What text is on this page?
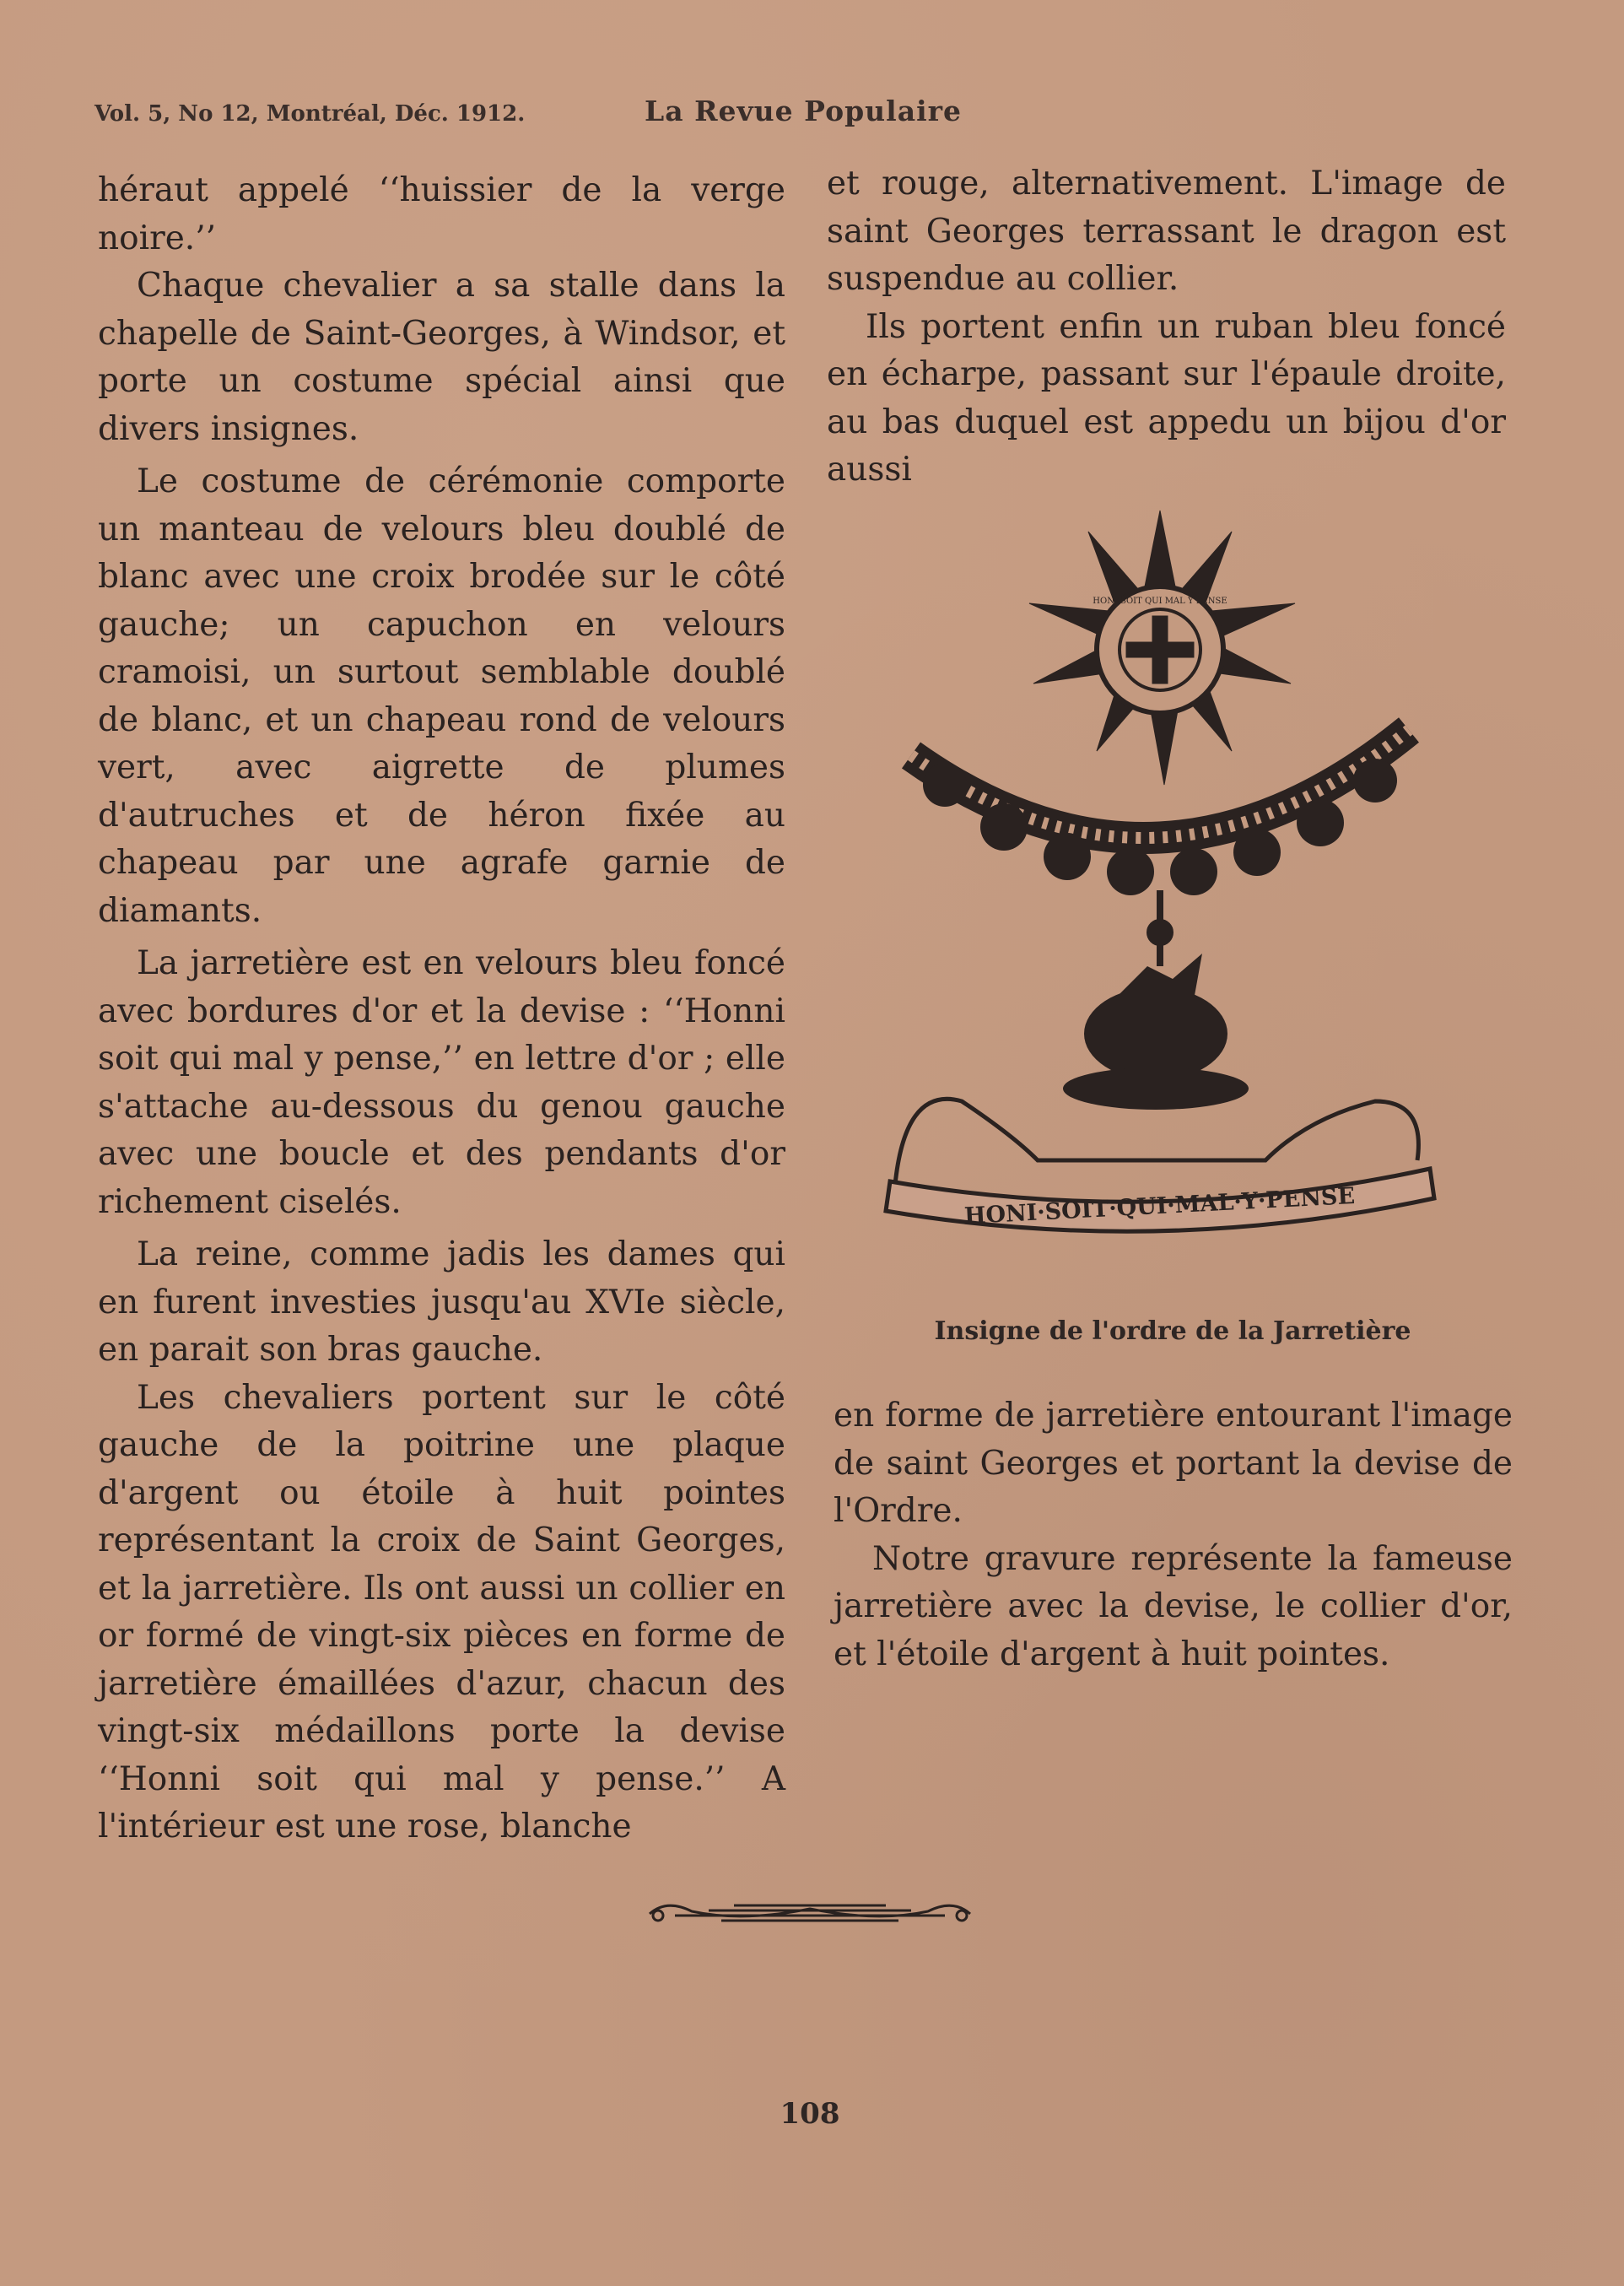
Vol. 5, No 12, Montréal, Déc. 1912.	La Revue Populaire

héraut appelé ‘‘huissier de la verge noire.’’

Chaque chevalier a sa stalle dans la chapelle de Saint-Georges, à Windsor, et porte un costume spécial ainsi que divers insignes.

Le costume de cérémonie comporte un manteau de velours bleu doublé de blanc avec une croix brodée sur le côté gauche; un capuchon en velours cramoisi, un surtout semblable doublé de blanc, et un chapeau rond de velours vert, avec aigrette de plumes d'autruches et de héron fixée au chapeau par une agrafe garnie de diamants.

La jarretière est en velours bleu foncé avec bordures d'or et la devise : ‘‘Honni soit qui mal y pense,’’ en lettre d'or ; elle s'attache au-dessous du genou gauche avec une boucle et des pendants d'or richement ciselés.

La reine, comme jadis les dames qui en furent investies jusqu'au XVIe siècle, en parait son bras gauche.

Les chevaliers portent sur le côté gauche de la poitrine une plaque d'argent ou étoile à huit pointes représentant la croix de Saint Georges, et la jarretière. Ils ont aussi un collier en or formé de vingt-six pièces en forme de jarretière émaillées d'azur, chacun des vingt-six médaillons porte la devise ‘‘Honni soit qui mal y pense.’’ A l'intérieur est une rose, blanche

et rouge, alternativement. L'image de saint Georges terrassant le dragon est suspendue au collier.

Ils portent enfin un ruban bleu foncé en écharpe, passant sur l'épaule droite, au bas duquel est appedu un bijou d'or aussi

HONI SOIT QUI MAL Y PENSE
HONI·SOIT·QUI·MAL·Y·PENSE
Insigne de l'ordre de la Jarretière

en forme de jarretière entourant l'image de saint Georges et portant la devise de l'Ordre.

Notre gravure représente la fameuse jarretière avec la devise, le collier d'or, et l'étoile d'argent à huit pointes.

108
